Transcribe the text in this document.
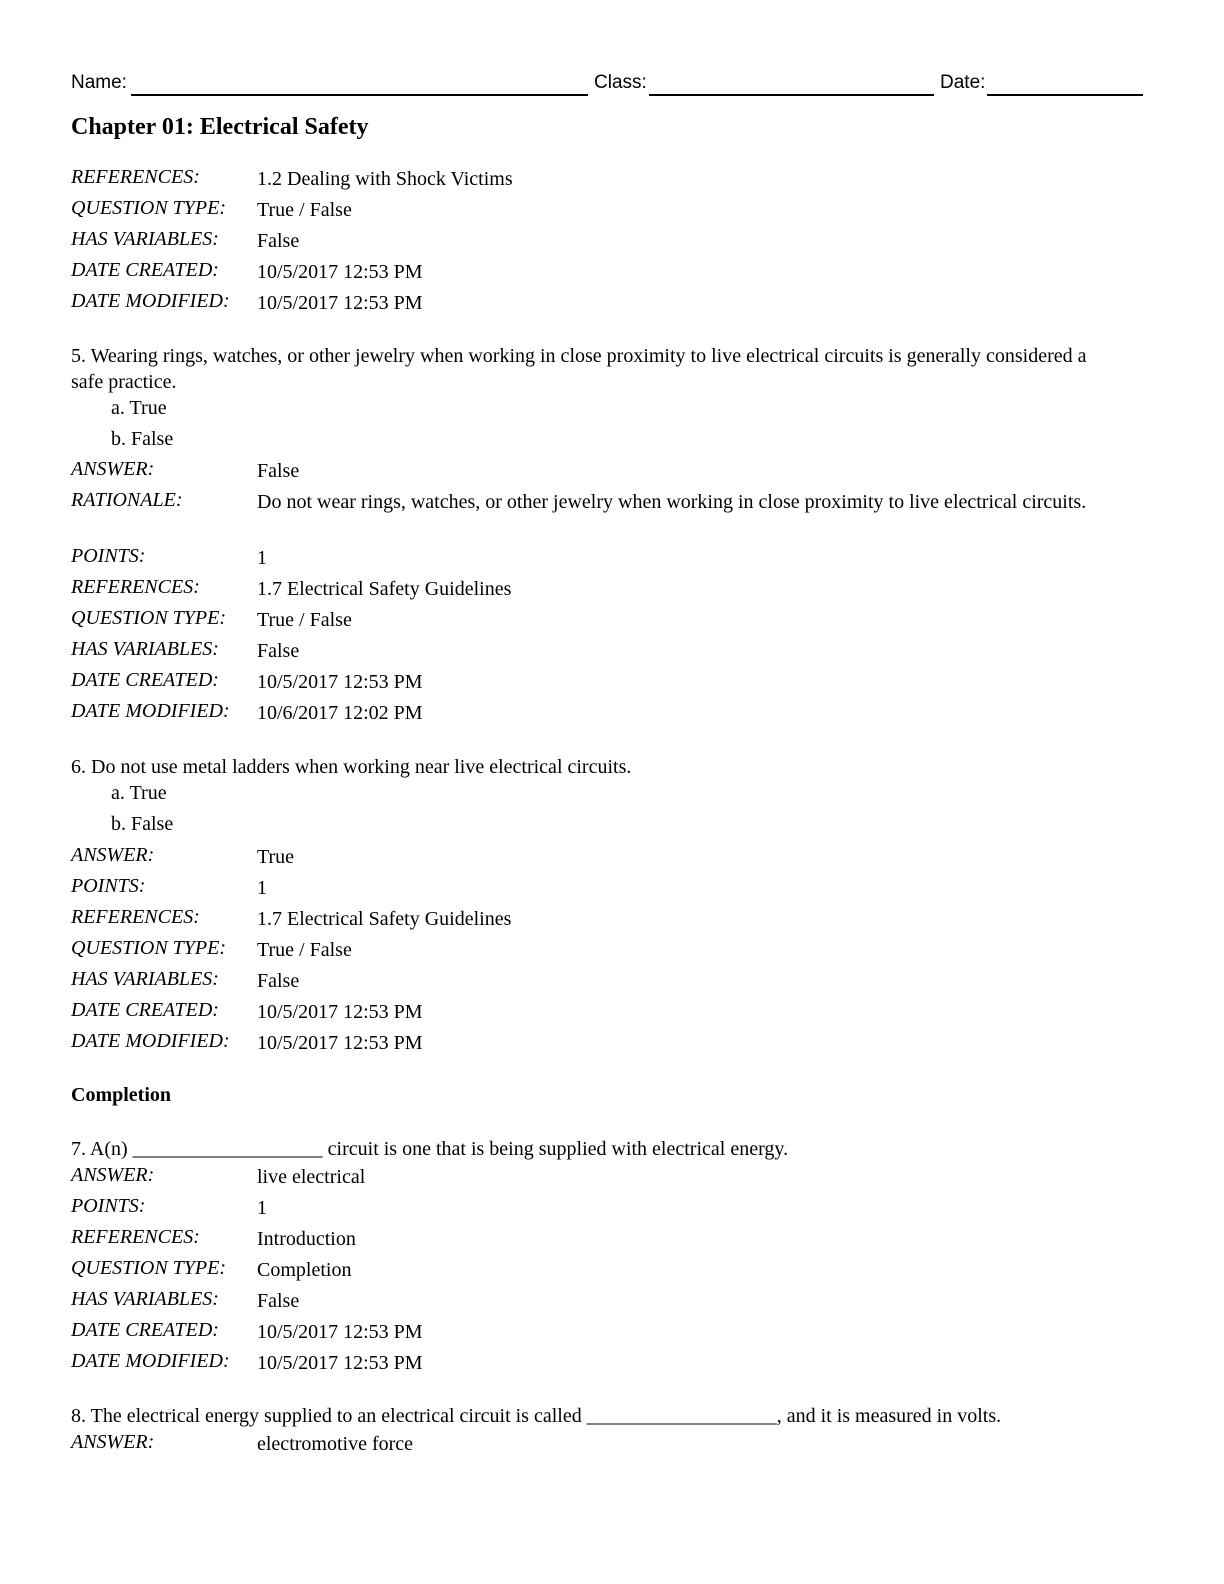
Name:	Class:	Date:
Chapter 01: Electrical Safety
REFERENCES:	1.2 Dealing with Shock Victims
QUESTION TYPE: True / False
HAS VARIABLES: False
DATE CREATED: 10/5/2017 12:53 PM
DATE MODIFIED: 10/5/2017 12:53 PM
5. Wearing rings, watches, or other jewelry when working in close proximity to live electrical circuits is generally considered a safe practice.
a. True
b. False
ANSWER:	False
RATIONALE:	Do not wear rings, watches, or other jewelry when working in close proximity to live electrical circuits.
POINTS:	1
REFERENCES:	1.7 Electrical Safety Guidelines
QUESTION TYPE: True / False
HAS VARIABLES: False
DATE CREATED: 10/5/2017 12:53 PM
DATE MODIFIED: 10/6/2017 12:02 PM
6. Do not use metal ladders when working near live electrical circuits.
a. True
b. False
ANSWER:	True
POINTS:	1
REFERENCES:	1.7 Electrical Safety Guidelines
QUESTION TYPE: True / False
HAS VARIABLES: False
DATE CREATED: 10/5/2017 12:53 PM
DATE MODIFIED: 10/5/2017 12:53 PM
Completion
7. A(n) ___________________ circuit is one that is being supplied with electrical energy.
ANSWER:	live electrical
POINTS:	1
REFERENCES:	Introduction
QUESTION TYPE: Completion
HAS VARIABLES: False
DATE CREATED: 10/5/2017 12:53 PM
DATE MODIFIED: 10/5/2017 12:53 PM
8. The electrical energy supplied to an electrical circuit is called ___________________, and it is measured in volts.
ANSWER:	electromotive force
